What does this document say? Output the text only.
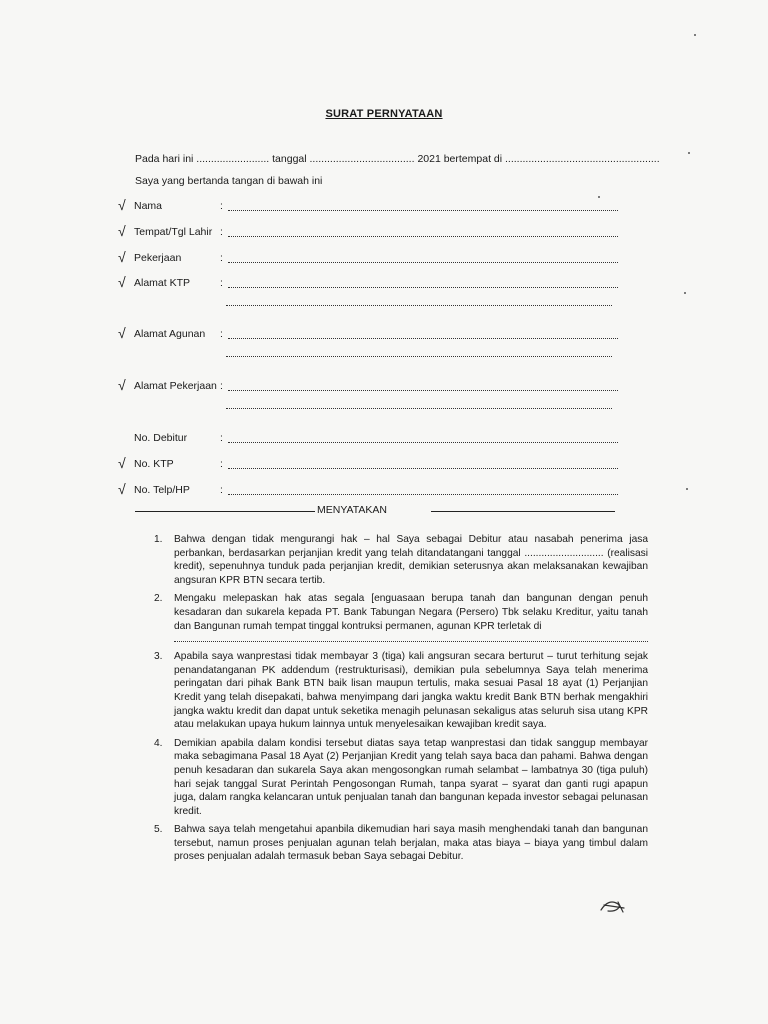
SURAT PERNYATAAN
Pada hari ini ......................... tanggal .................................... 2021 bertempat di .....................................................
Saya yang bertanda tangan di bawah ini
√ Nama	:
√ Tempat/Tgl Lahir :
√ Pekerjaan	:
√ Alamat KTP	:
√ Alamat Agunan :
√ Alamat Pekerjaan :
No. Debitur	:
√ No. KTP	:
√ No. Telp/HP	:
MENYATAKAN
1. Bahwa dengan tidak mengurangi hak – hal Saya sebagai Debitur atau nasabah penerima jasa perbankan, berdasarkan perjanjian kredit yang telah ditandatangani tanggal ............................ (realisasi kredit), sepenuhnya tunduk pada perjanjian kredit, demikian seterusnya akan melaksanakan kewajiban angsuran KPR BTN secara tertib.
2. Mengaku melepaskan hak atas segala [enguasaan berupa tanah dan bangunan dengan penuh kesadaran dan sukarela kepada PT. Bank Tabungan Negara (Persero) Tbk selaku Kreditur, yaitu tanah dan Bangunan rumah tempat tinggal kontruksi permanen, agunan KPR terletak di
3. Apabila saya wanprestasi tidak membayar 3 (tiga) kali angsuran secara berturut – turut terhitung sejak penandatanganan PK addendum (restrukturisasi), demikian pula sebelumnya Saya telah menerima peringatan dari pihak Bank BTN baik lisan maupun tertulis, maka sesuai Pasal 18 ayat (1) Perjanjian Kredit yang telah disepakati, bahwa menyimpang dari jangka waktu kredit Bank BTN berhak mengakhiri jangka waktu kredit dan dapat untuk seketika menagih pelunasan sekaligus atas seluruh sisa utang KPR atau melakukan upaya hukum lainnya untuk menyelesaikan kewajiban kredit saya.
4. Demikian apabila dalam kondisi tersebut diatas saya tetap wanprestasi dan tidak sanggup membayar maka sebagimana Pasal 18 Ayat (2) Perjanjian Kredit yang telah saya baca dan pahami. Bahwa dengan penuh kesadaran dan sukarela Saya akan mengosongkan rumah selambat – lambatnya 30 (tiga puluh) hari sejak tanggal Surat Perintah Pengosongan Rumah, tanpa syarat – syarat dan ganti rugi apapun juga, dalam rangka kelancaran untuk penjualan tanah dan bangunan kepada investor sebagai pelunasan kredit.
5. Bahwa saya telah mengetahui apanbila dikemudian hari saya masih menghendaki tanah dan bangunan tersebut, namun proses penjualan agunan telah berjalan, maka atas biaya – biaya yang timbul dalam proses penjualan adalah termasuk beban Saya sebagai Debitur.
